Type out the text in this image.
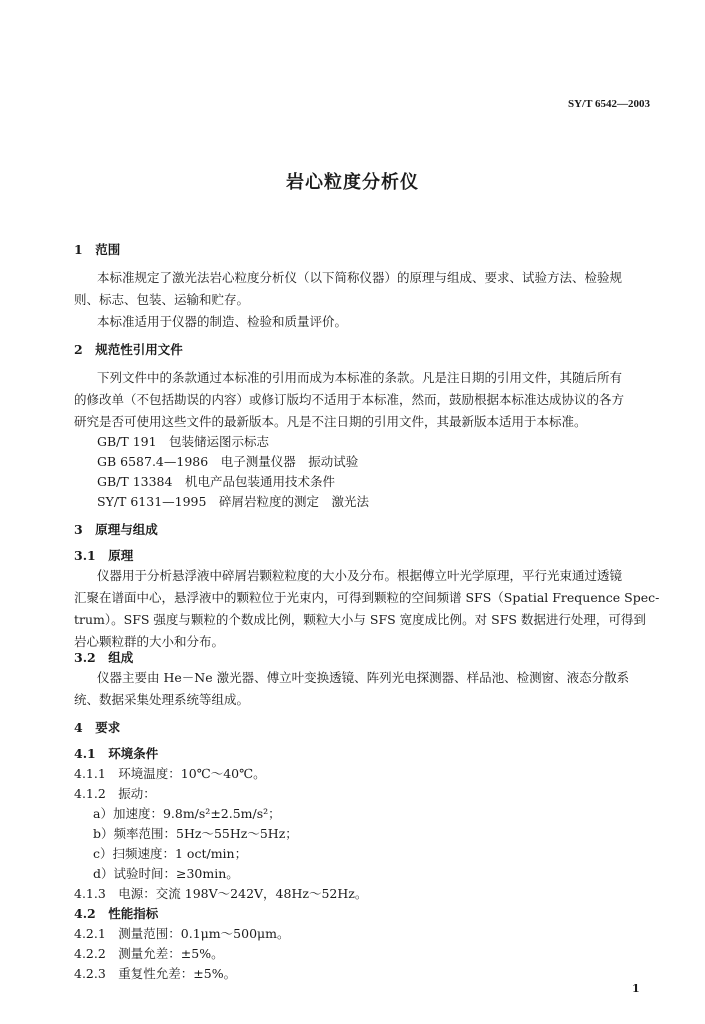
SY/T 6542—2003
岩心粒度分析仪
1　范围
本标准规定了激光法岩心粒度分析仪（以下简称仪器）的原理与组成、要求、试验方法、检验规
则、标志、包装、运输和贮存。
本标准适用于仪器的制造、检验和质量评价。
2　规范性引用文件
下列文件中的条款通过本标准的引用而成为本标准的条款。凡是注日期的引用文件，其随后所有
的修改单（不包括勘误的内容）或修订版均不适用于本标准，然而，鼓励根据本标准达成协议的各方
研究是否可使用这些文件的最新版本。凡是不注日期的引用文件，其最新版本适用于本标准。
GB/T 191　包装储运图示标志
GB 6587.4—1986　电子测量仪器　振动试验
GB/T 13384　机电产品包装通用技术条件
SY/T 6131—1995　碎屑岩粒度的测定　激光法
3　原理与组成
3.1　原理
仪器用于分析悬浮液中碎屑岩颗粒粒度的大小及分布。根据傅立叶光学原理，平行光束通过透镜
汇聚在谱面中心，悬浮液中的颗粒位于光束内，可得到颗粒的空间频谱 SFS（Spatial Frequence Spec-
trum）。SFS 强度与颗粒的个数成比例，颗粒大小与 SFS 宽度成比例。对 SFS 数据进行处理，可得到
岩心颗粒群的大小和分布。
3.2　组成
仪器主要由 He－Ne 激光器、傅立叶变换透镜、阵列光电探测器、样品池、检测窗、液态分散系
统、数据采集处理系统等组成。
4　要求
4.1　环境条件
4.1.1　环境温度：10℃～40℃。
4.1.2　振动：
a）加速度：9.8m/s²±2.5m/s²；
b）频率范围：5Hz～55Hz～5Hz；
c）扫频速度：1 oct/min；
d）试验时间：≥30min。
4.1.3　电源：交流 198V～242V，48Hz～52Hz。
4.2　性能指标
4.2.1　测量范围：0.1μm～500μm。
4.2.2　测量允差：±5%。
4.2.3　重复性允差：±5%。
1
